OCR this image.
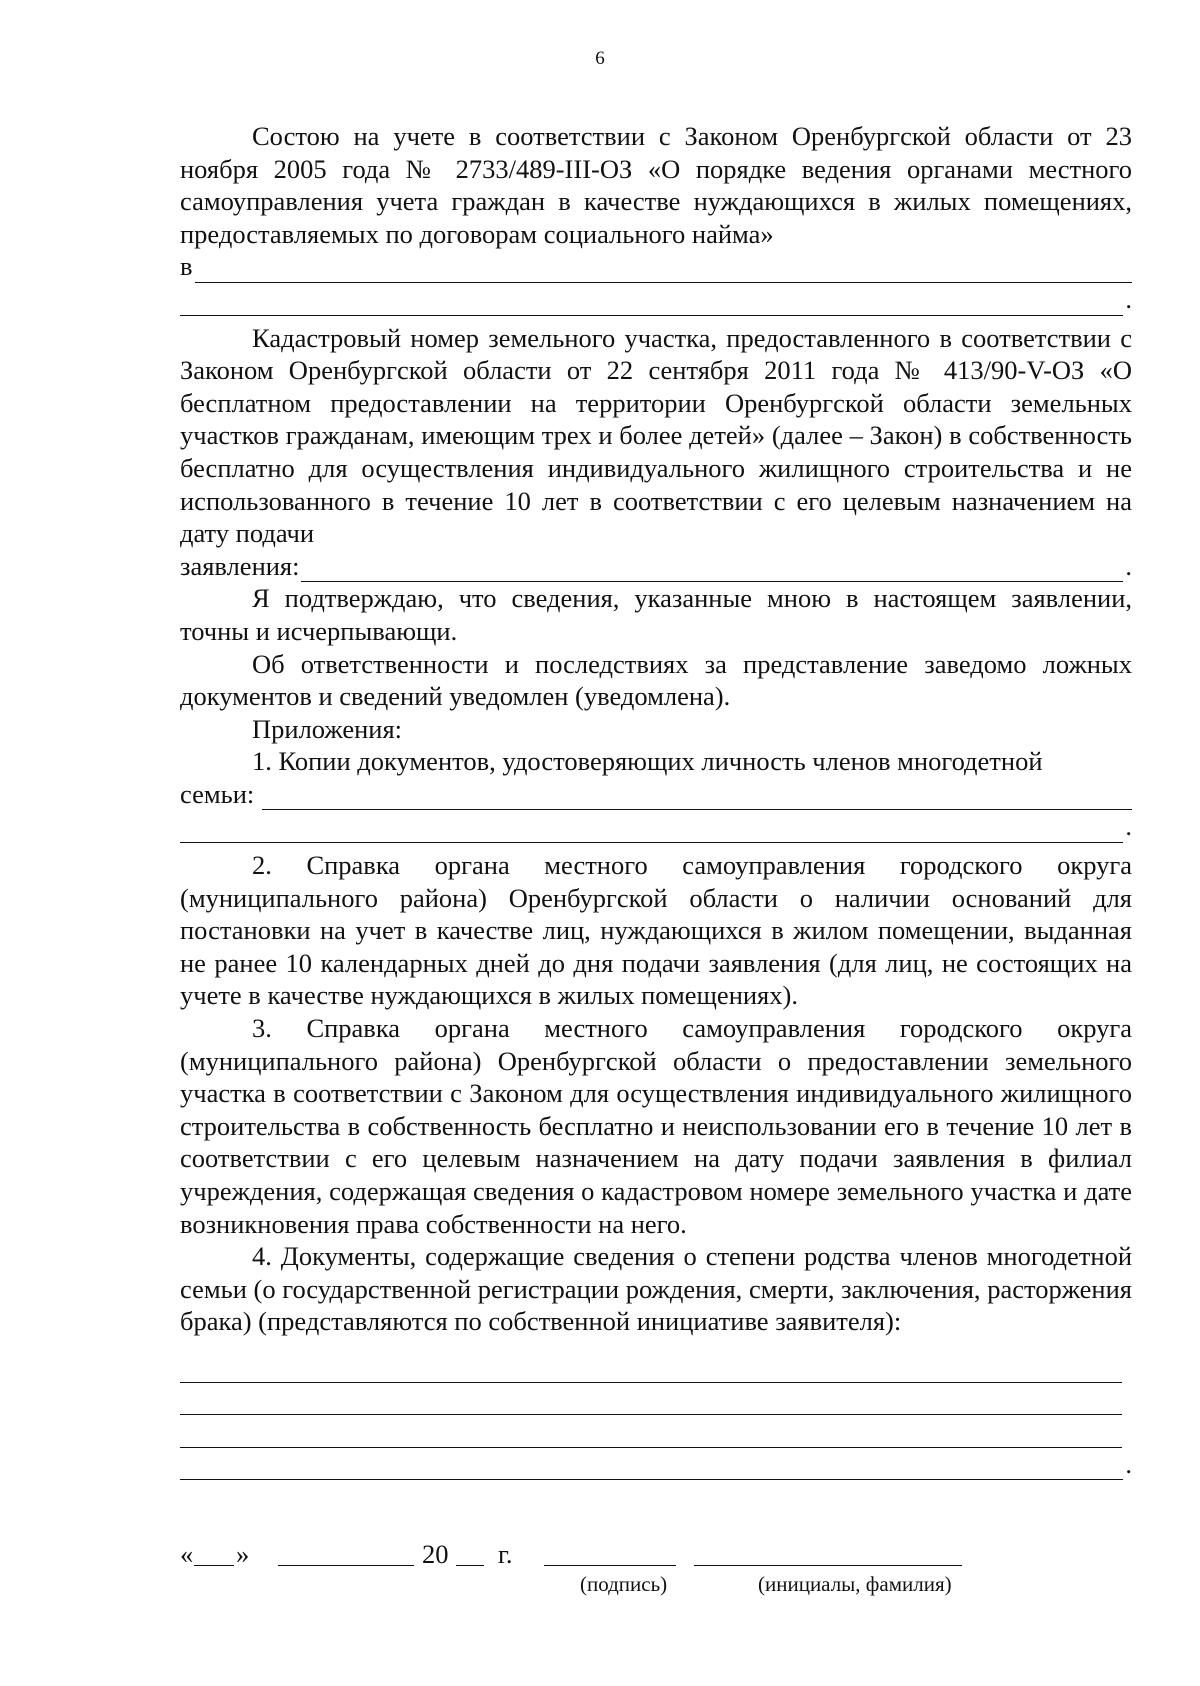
6

Состою на учете в соответствии с Законом Оренбургской области от 23 ноября 2005 года № 2733/489-III-ОЗ «О порядке ведения органами местного самоуправления учета граждан в качестве нуждающихся в жилых помещениях, предоставляемых по договорам социального найма»

в
.

Кадастровый номер земельного участка, предоставленного в соответствии с Законом Оренбургской области от 22 сентября 2011 года № 413/90-V-ОЗ «О бесплатном предоставлении на территории Оренбургской области земельных участков гражданам, имеющим трех и более детей» (далее – Закон) в собственность бесплатно для осуществления индивидуального жилищного строительства и не использованного в течение 10 лет в соответствии с его целевым назначением на дату подачи

заявления:	.

Я подтверждаю, что сведения, указанные мною в настоящем заявлении, точны и исчерпывающи.

Об ответственности и последствиях за представление заведомо ложных документов и сведений уведомлен (уведомлена).

Приложения:

1. Копии документов, удостоверяющих личность членов многодетной

семьи:
.

2. Справка органа местного самоуправления городского округа (муниципального района) Оренбургской области о наличии оснований для постановки на учет в качестве лиц, нуждающихся в жилом помещении, выданная не ранее 10 календарных дней до дня подачи заявления (для лиц, не состоящих на учете в качестве нуждающихся в жилых помещениях).

3. Справка органа местного самоуправления городского округа (муниципального района) Оренбургской области о предоставлении земельного участка в соответствии с Законом для осуществления индивидуального жилищного строительства в собственность бесплатно и неиспользовании его в течение 10 лет в соответствии с его целевым назначением на дату подачи заявления в филиал учреждения, содержащая сведения о кадастровом номере земельного участка и дате возникновения права собственности на него.

4. Документы, содержащие сведения о степени родства членов многодетной семьи (о государственной регистрации рождения, смерти, заключения, расторжения брака) (представляются по собственной инициативе заявителя):

.
« »	20 г.
(подпись)	(инициалы, фамилия)
